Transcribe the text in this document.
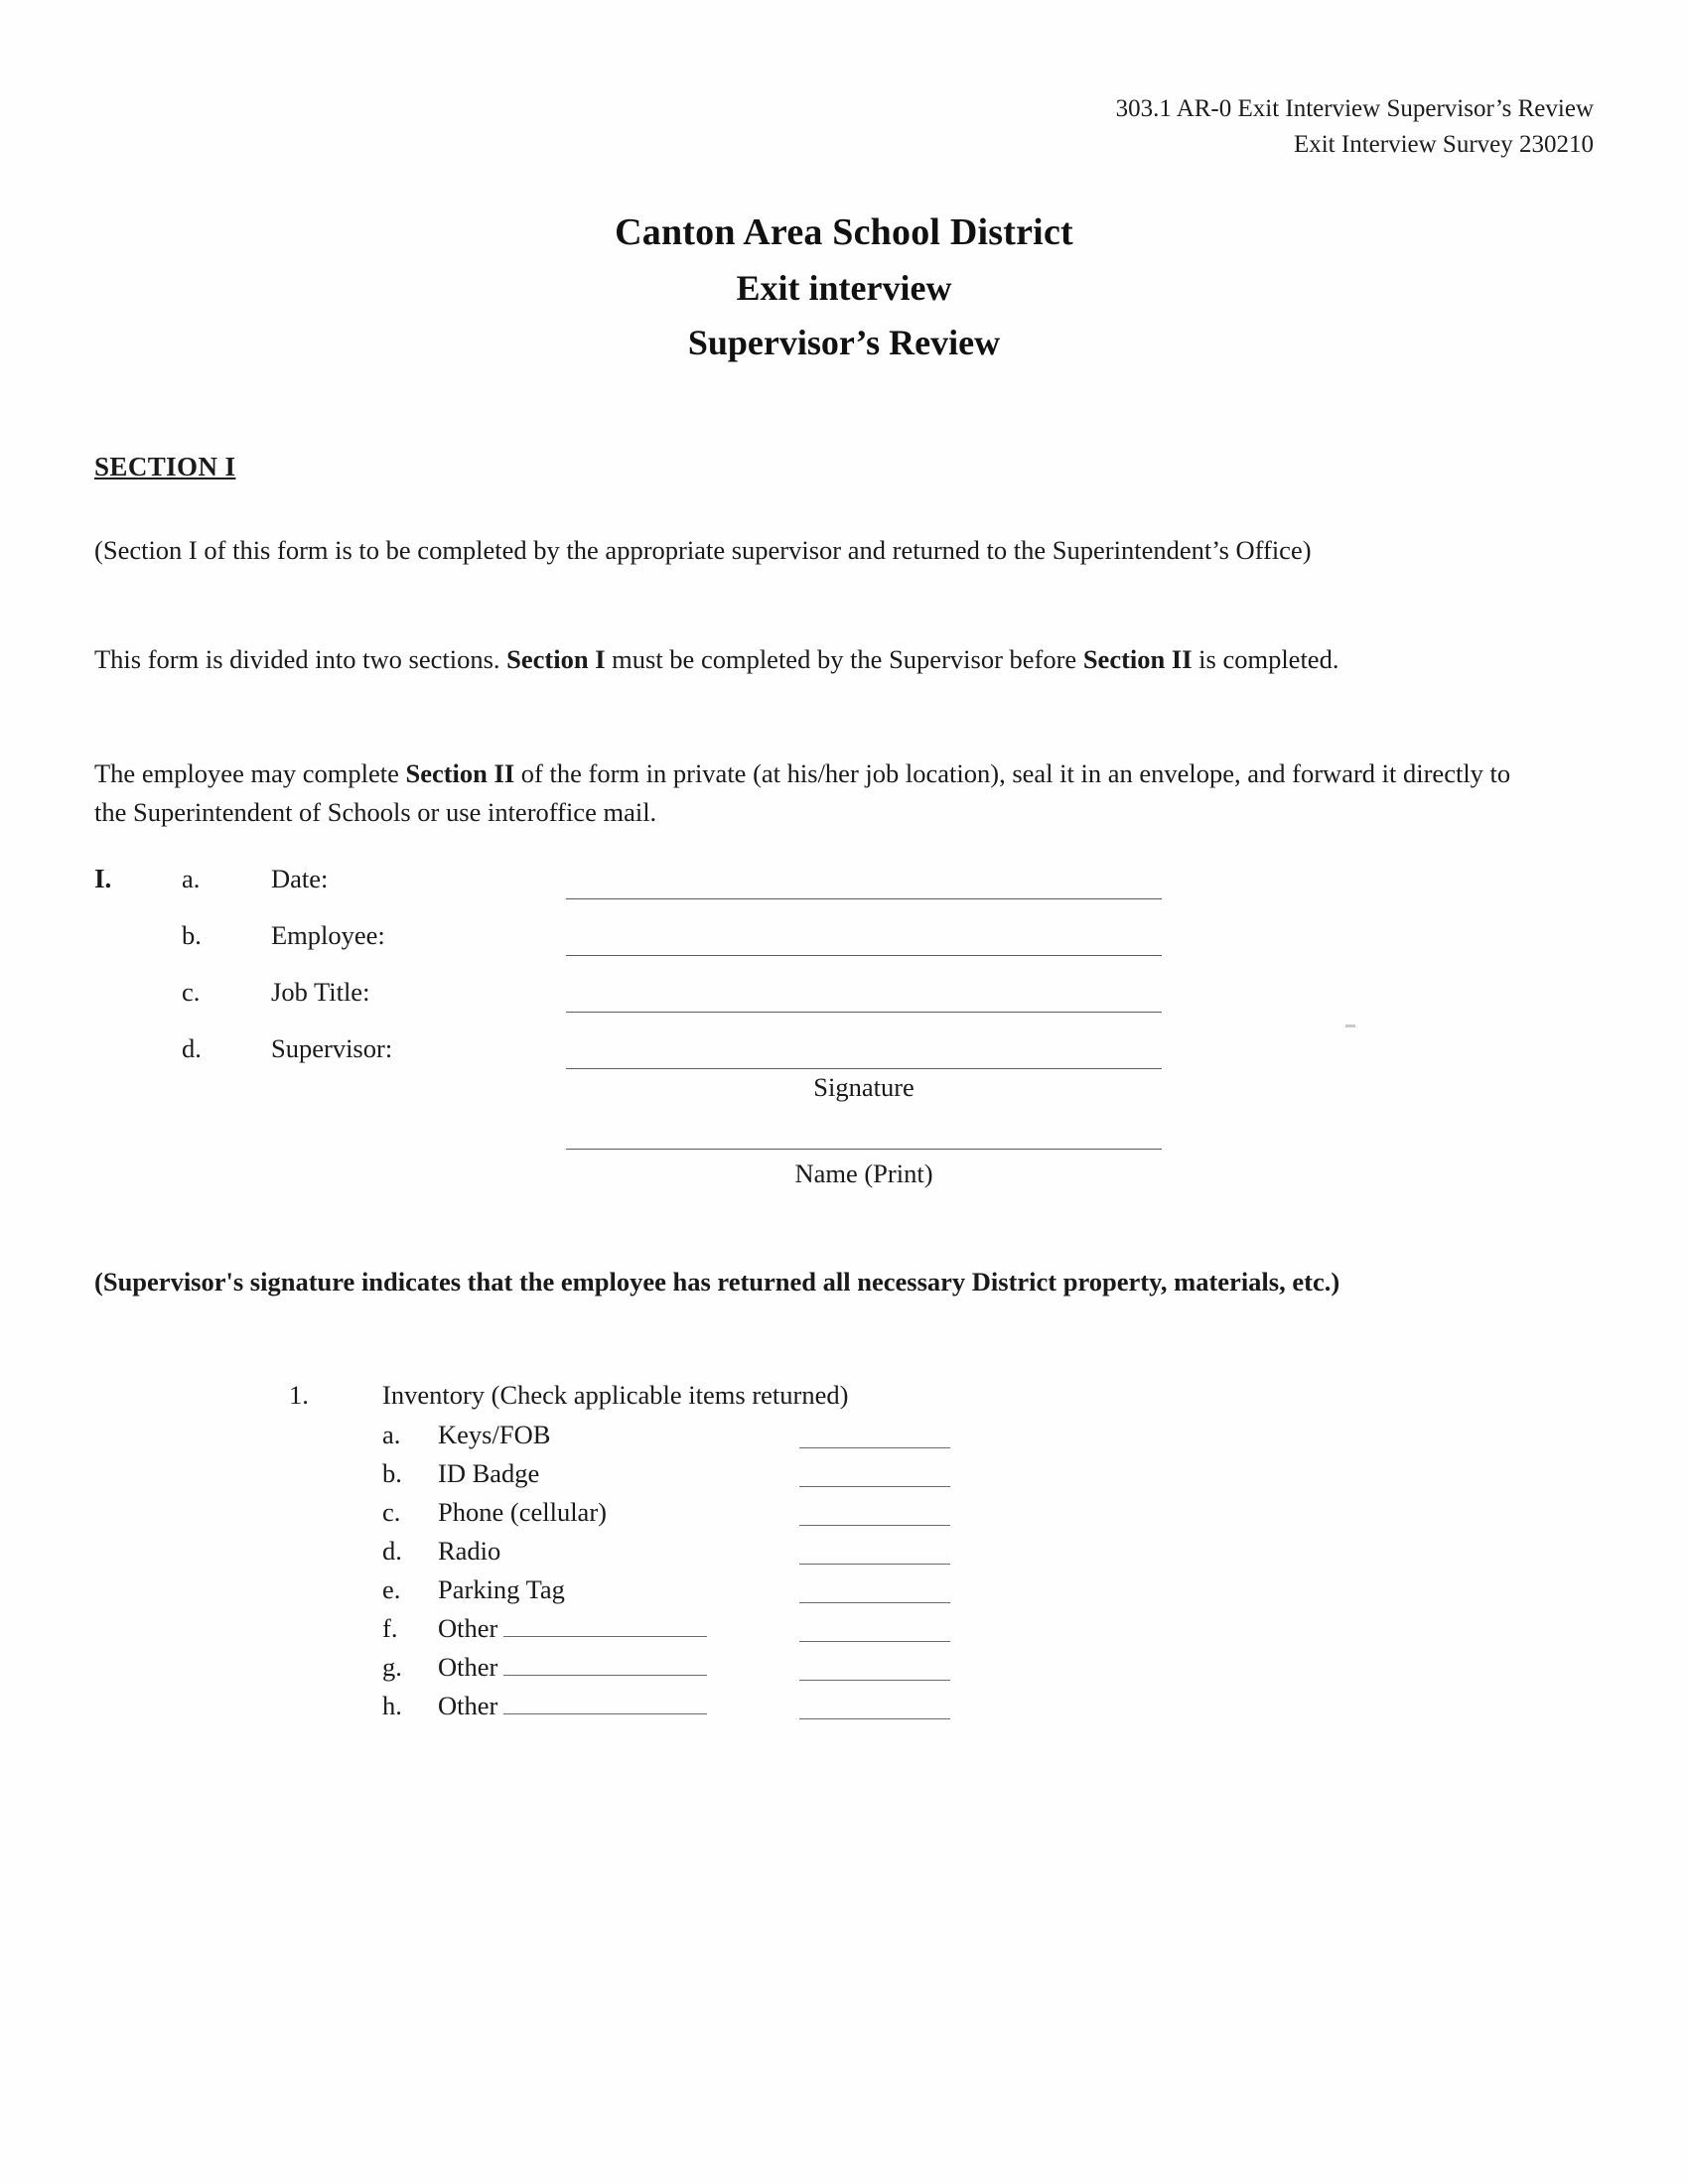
303.1 AR-0 Exit Interview Supervisor’s Review
Exit Interview Survey 230210
Canton Area School District
Exit interview
Supervisor’s Review
SECTION I
(Section I of this form is to be completed by the appropriate supervisor and returned to the Superintendent’s Office)
This form is divided into two sections. Section I must be completed by the Supervisor before Section II is completed.
The employee may complete Section II of the form in private (at his/her job location), seal it in an envelope, and forward it directly to the Superintendent of Schools or use interoffice mail.
I.	a.	Date:
b.	Employee:
c.	Job Title:
d.	Supervisor:
Signature
Name (Print)
(Supervisor's signature indicates that the employee has returned all necessary District property, materials, etc.)
1.	Inventory (Check applicable items returned)
a. Keys/FOB
b. ID Badge
c. Phone (cellular)
d. Radio
e. Parking Tag
f. Other
g. Other
h. Other
